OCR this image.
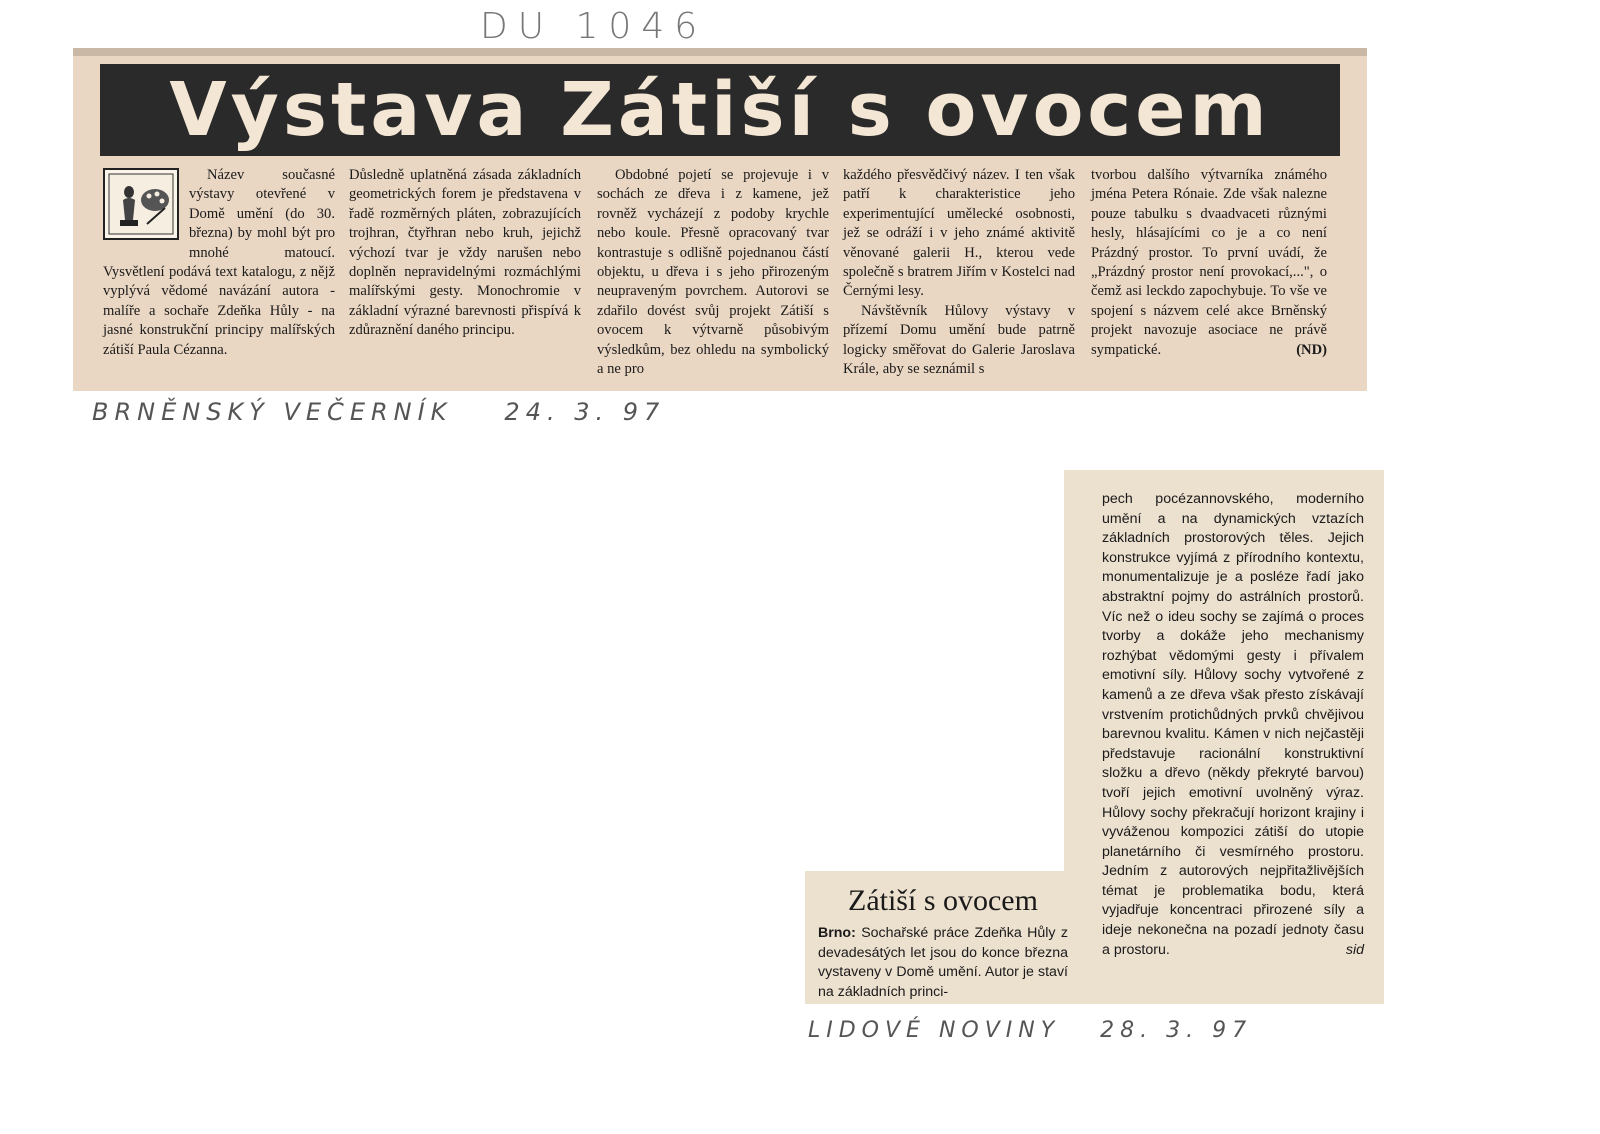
DU 1046
Výstava Zátiší s ovocem

Název současné výstavy otevřené v Domě umění (do 30. března) by mohl být pro mnohé matoucí. Vysvětlení podává text katalogu, z nějž vyplývá vědomé navázání autora - malíře a sochaře Zdeňka Hůly - na jasné konstrukční principy malířských zátiší Paula Cézanna.

Důsledně uplatněná zásada základních geometrických forem je představena v řadě rozměrných pláten, zobrazujících trojhran, čtyřhran nebo kruh, jejichž výchozí tvar je vždy narušen nebo doplněn nepravidelnými rozmáchlými malířskými gesty. Monochromie v základní výrazné barevnosti přispívá k zdůraznění daného principu.

Obdobné pojetí se projevuje i v sochách ze dřeva i z kamene, jež rovněž vycházejí z podoby krychle nebo koule. Přesně opracovaný tvar kontrastuje s odlišně pojednanou částí objektu, u dřeva i s jeho přirozeným neupraveným povrchem. Autorovi se zdařilo dovést svůj projekt Zátiší s ovocem k výtvarně působivým výsledkům, bez ohledu na symbolický a ne pro

každého přesvědčivý název. I ten však patří k charakteristice jeho experimentující umělecké osobnosti, jež se odráží i v jeho známé aktivitě věnované galerii H., kterou vede společně s bratrem Jiřím v Kostelci nad Černými lesy.

Návštěvník Hůlovy výstavy v přízemí Domu umění bude patrně logicky směřovat do Galerie Jaroslava Krále, aby se seznámil s

tvorbou dalšího výtvarníka známého jména Petera Rónaie. Zde však nalezne pouze tabulku s dvaadvaceti různými hesly, hlásajícími co je a co není Prázdný prostor. To první uvádí, že „Prázdný prostor není provokací,...", o čemž asi leckdo zapochybuje. To vše ve spojení s názvem celé akce Brněnský projekt navozuje asociace ne právě sympatické.	(ND)

BRNĚNSKÝ VEČERNÍK 24. 3. 97
Zátiší s ovocem
Brno: Sochařské práce Zdeňka Hůly z devadesátých let jsou do konce března vystaveny v Domě umění. Autor je staví na základních princi-

pech pocézannovského, moderního umění a na dynamických vztazích základních prostorových těles. Jejich konstrukce vyjímá z přírodního kontextu, monumentalizuje je a posléze řadí jako abstraktní pojmy do astrálních prostorů. Víc než o ideu sochy se zajímá o proces tvorby a dokáže jeho mechanismy rozhýbat vědomými gesty i přívalem emotivní síly. Hůlovy sochy vytvořené z kamenů a ze dřeva však přesto získávají vrstvením protichůdných prvků chvějivou barevnou kvalitu. Kámen v nich nejčastěji představuje racionální konstruktivní složku a dřevo (někdy překryté barvou) tvoří jejich emotivní uvolněný výraz. Hůlovy sochy překračují horizont krajiny i vyváženou kompozici zátiší do utopie planetárního či vesmírného prostoru. Jedním z autorových nejpřitažlivějších témat je problematika bodu, která vyjadřuje koncentraci přirozené síly a ideje nekonečna na pozadí jednoty času a prostoru.	sid

LIDOVÉ NOVINY 28. 3. 97
